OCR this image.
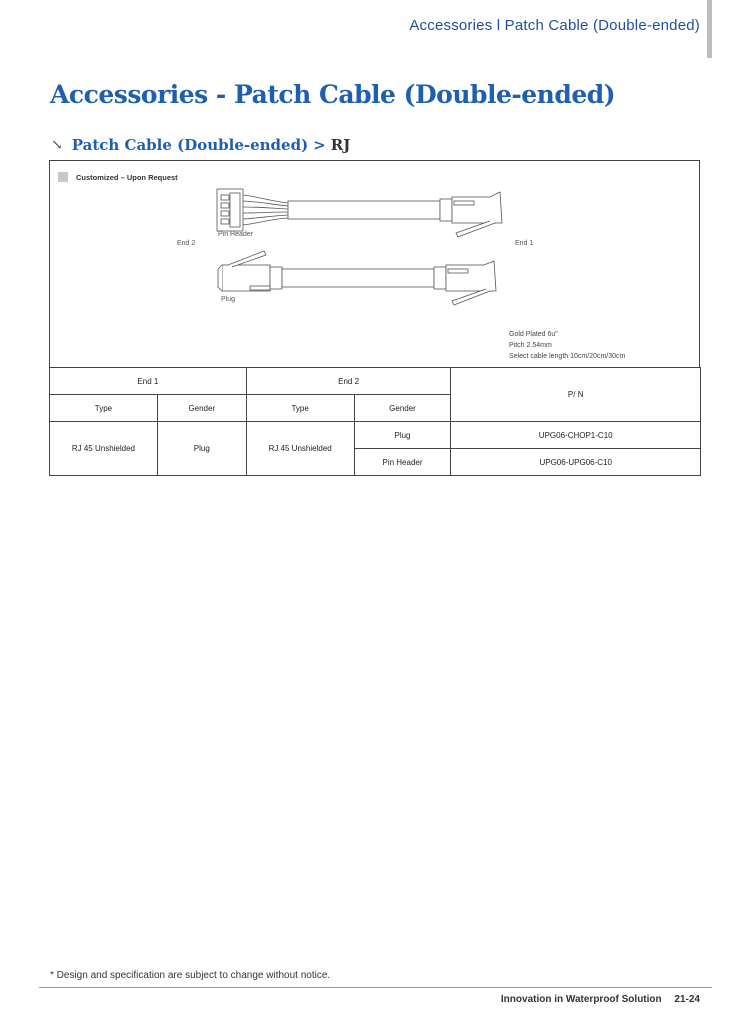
Accessories l Patch Cable (Double-ended)
Accessories - Patch Cable (Double-ended)
↘ Patch Cable (Double-ended) > RJ
Customized – Upon Request
Pin Header
End 2	End 1
Plug
Gold Plated 6u"
Pitch 2.54mm
Select cable length 10cm/20cm/30cm
End 1		End 2		P/ N
Type	Gender	Type	Gender	
RJ 45 Unshielded	Plug	RJ 45 Unshielded	Plug	UPG06-CHOP1-C10
			Pin Header	UPG06-UPG06-C10
* Design and specification are subject to change without notice.
Innovation in Waterproof Solution 21-24
